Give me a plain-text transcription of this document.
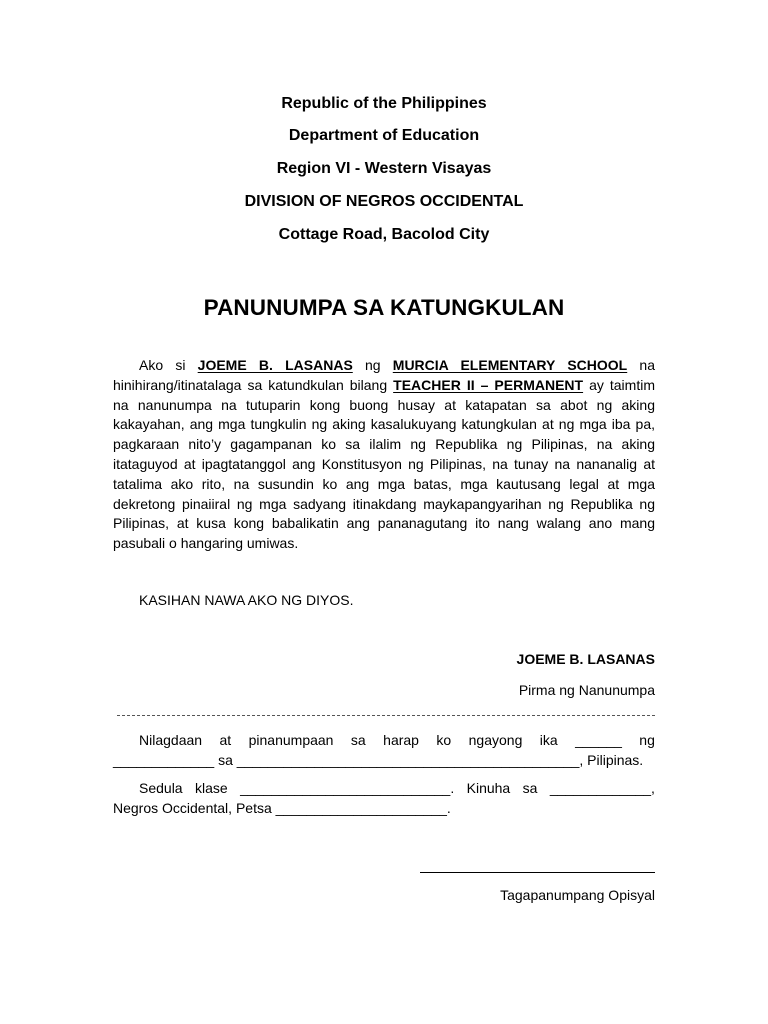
Republic of the Philippines
Department of Education
Region VI - Western Visayas
DIVISION OF NEGROS OCCIDENTAL
Cottage Road, Bacolod City
PANUNUMPA SA KATUNGKULAN
Ako si JOEME B. LASANAS ng MURCIA ELEMENTARY SCHOOL na hinihirang/itinatalaga sa katundkulan bilang TEACHER II – PERMANENT ay taimtim na nanunumpa na tutuparin kong buong husay at katapatan sa abot ng aking kakayahan, ang mga tungkulin ng aking kasalukuyang katungkulan at ng mga iba pa, pagkaraan nito’y gagampanan ko sa ilalim ng Republika ng Pilipinas, na aking itataguyod at ipagtatanggol ang Konstitusyon ng Pilipinas, na tunay na nananalig at tatalima ako rito, na susundin ko ang mga batas, mga kautusang legal at mga dekretong pinaiiral ng mga sadyang itinakdang maykapangyarihan ng Republika ng Pilipinas, at kusa kong babalikatin ang pananagutang ito nang walang ano mang pasubali o hangaring umiwas.
KASIHAN NAWA AKO NG DIYOS.
JOEME B. LASANAS
Pirma ng Nanunumpa
Nilagdaan at pinanumpaan sa harap ko ngayong ika ______ ng
_____________ sa ____________________________________________, Pilipinas.
Sedula klase ___________________________. Kinuha sa _____________,
Negros Occidental, Petsa ______________________.
Tagapanumpang Opisyal
